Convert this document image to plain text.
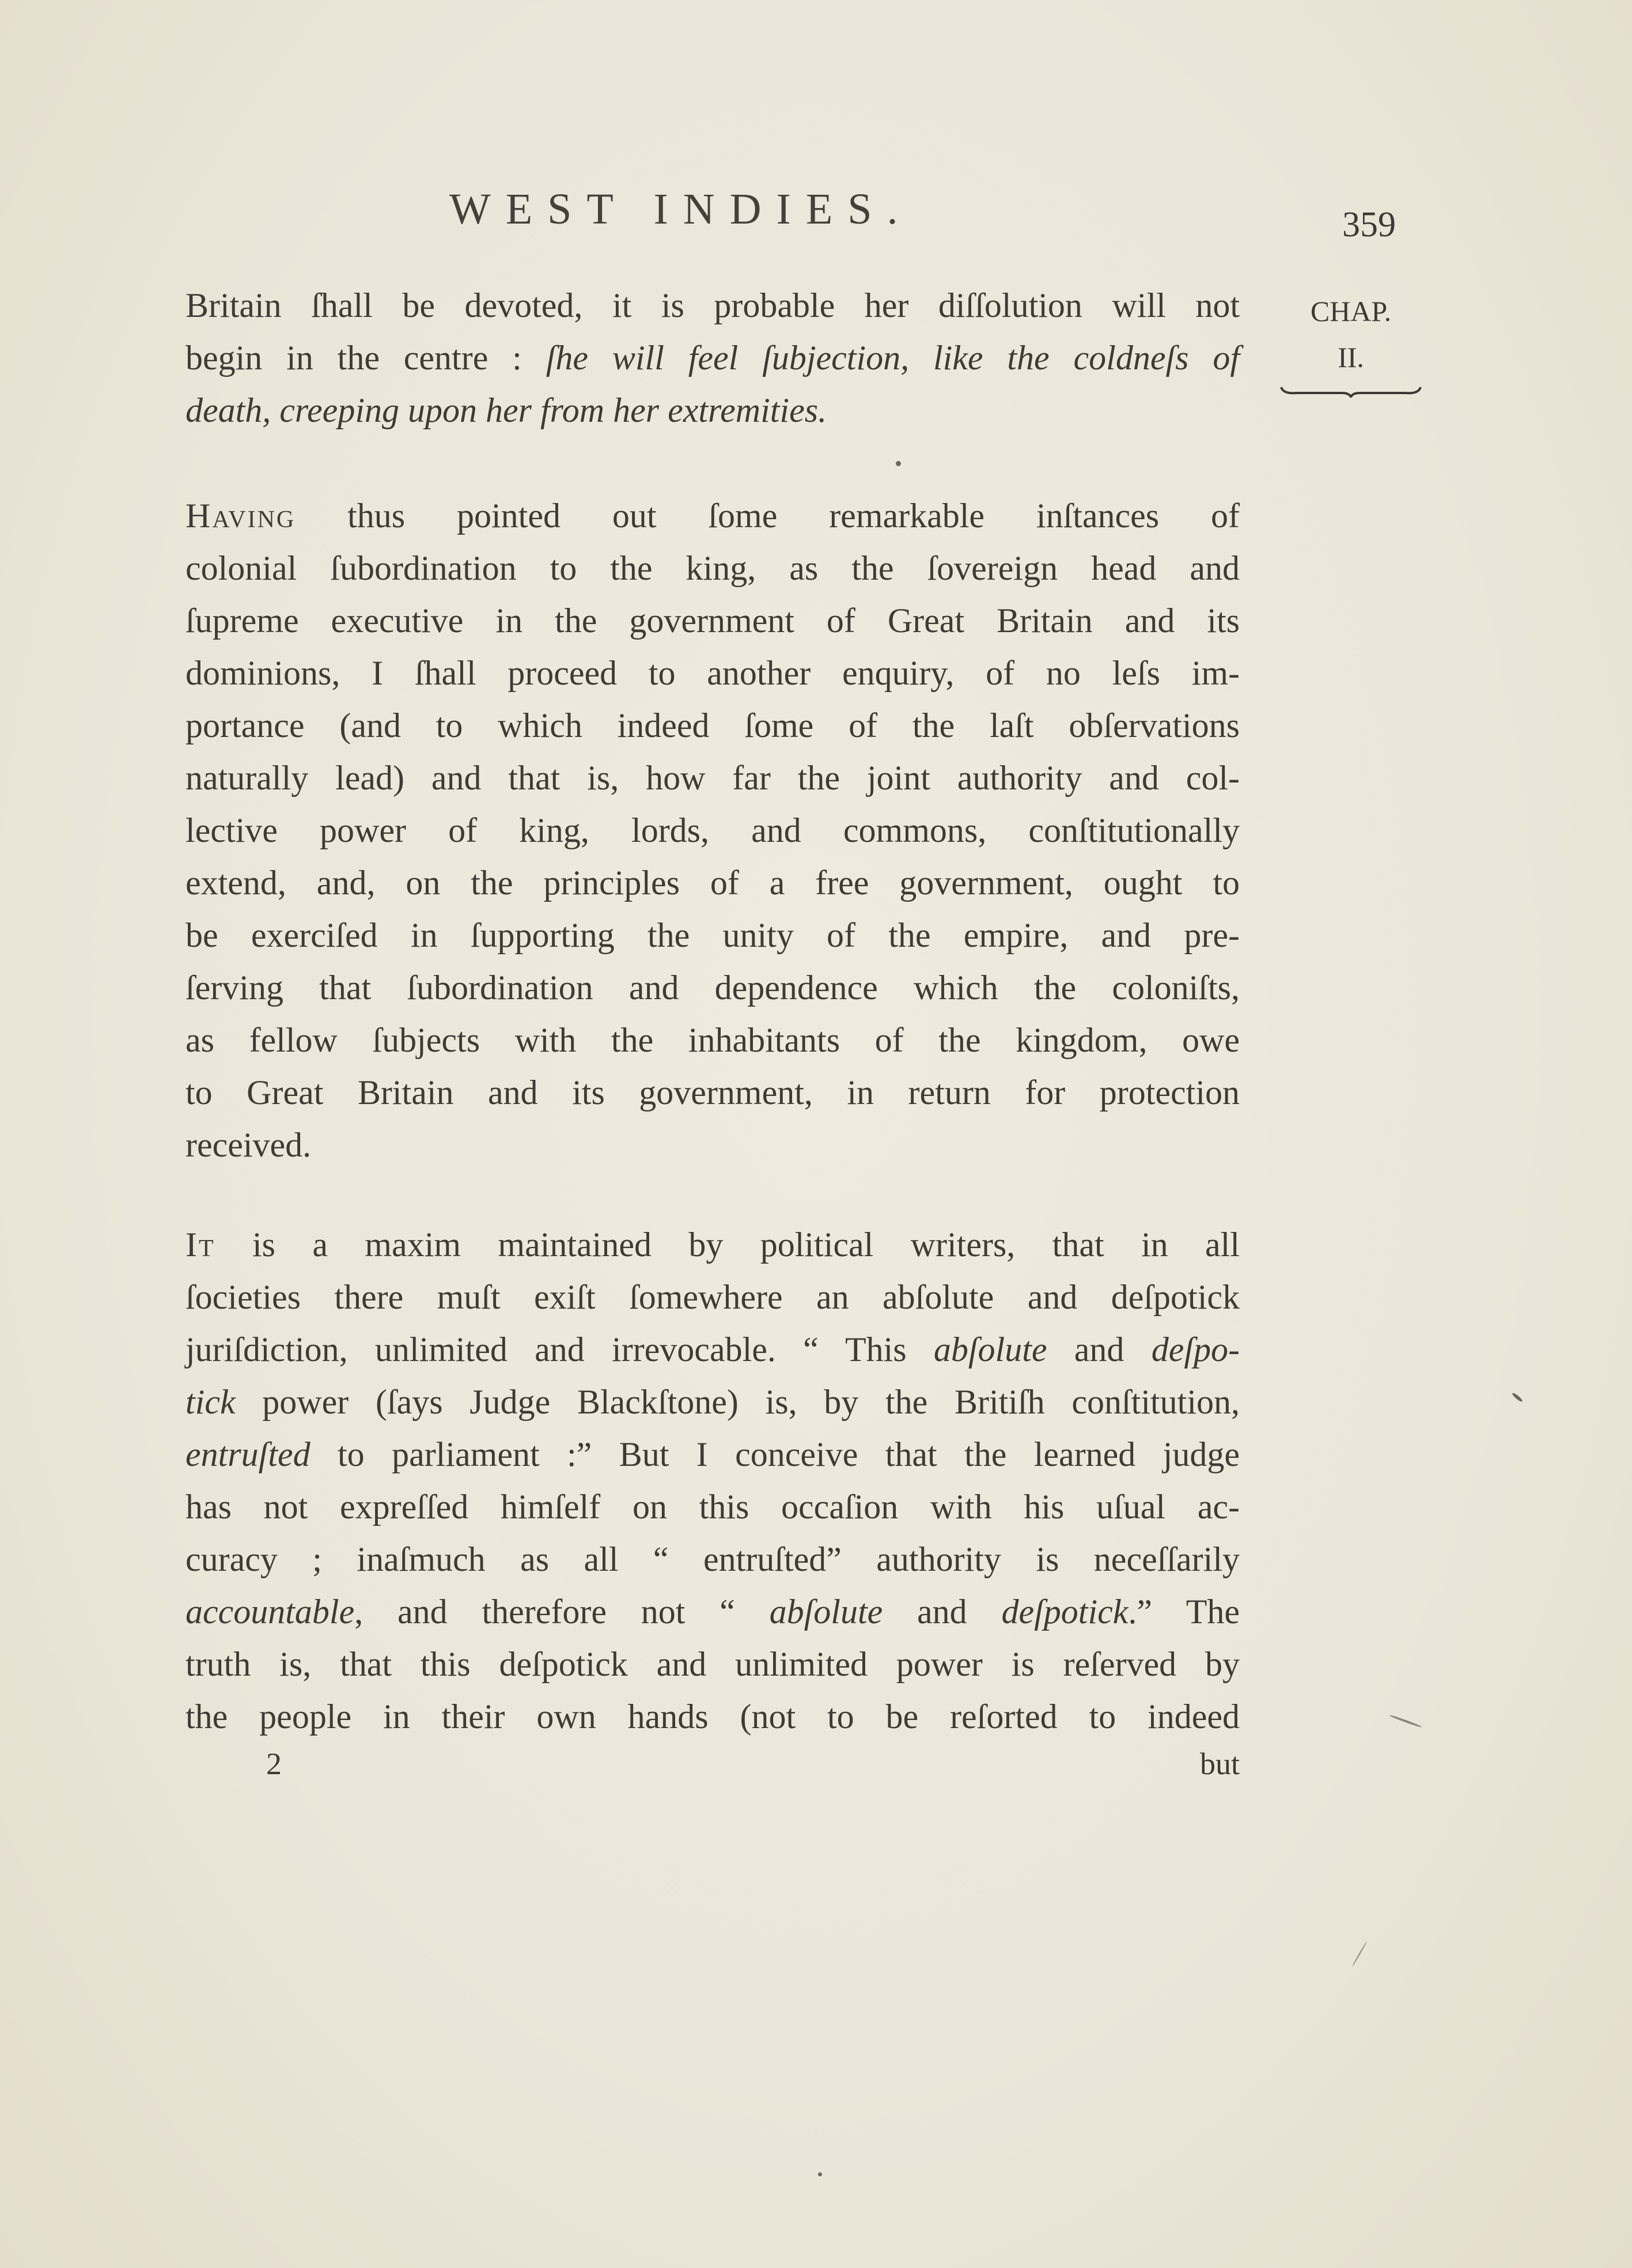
WEST INDIES.	359
CHAP.
II.
Britain ſhall be devoted, it is probable her diſſolution will not
begin in the centre : ſhe will feel ſubjection, like the coldneſs of
death, creeping upon her from her extremities.
Having thus pointed out ſome remarkable inſtances of
colonial ſubordination to the king, as the ſovereign head and
ſupreme executive in the government of Great Britain and its
dominions, I ſhall proceed to another enquiry, of no leſs im-
portance (and to which indeed ſome of the laſt obſervations
naturally lead) and that is, how far the joint authority and col-
lective power of king, lords, and commons, conſtitutionally
extend, and, on the principles of a free government, ought to
be exerciſed in ſupporting the unity of the empire, and pre-
ſerving that ſubordination and dependence which the coloniſts,
as fellow ſubjects with the inhabitants of the kingdom, owe
to Great Britain and its government, in return for protection
received.
It is a maxim maintained by political writers, that in all
ſocieties there muſt exiſt ſomewhere an abſolute and deſpotick
juriſdiction, unlimited and irrevocable. “ This abſolute and deſpo-
tick power (ſays Judge Blackſtone) is, by the Britiſh conſtitution,
entruſted to parliament :” But I conceive that the learned judge
has not expreſſed himſelf on this occaſion with his uſual ac-
curacy ; inaſmuch as all “ entruſted” authority is neceſſarily
accountable, and therefore not “ abſolute and deſpotick.” The
truth is, that this deſpotick and unlimited power is reſerved by
the people in their own hands (not to be reſorted to indeed
2	but
